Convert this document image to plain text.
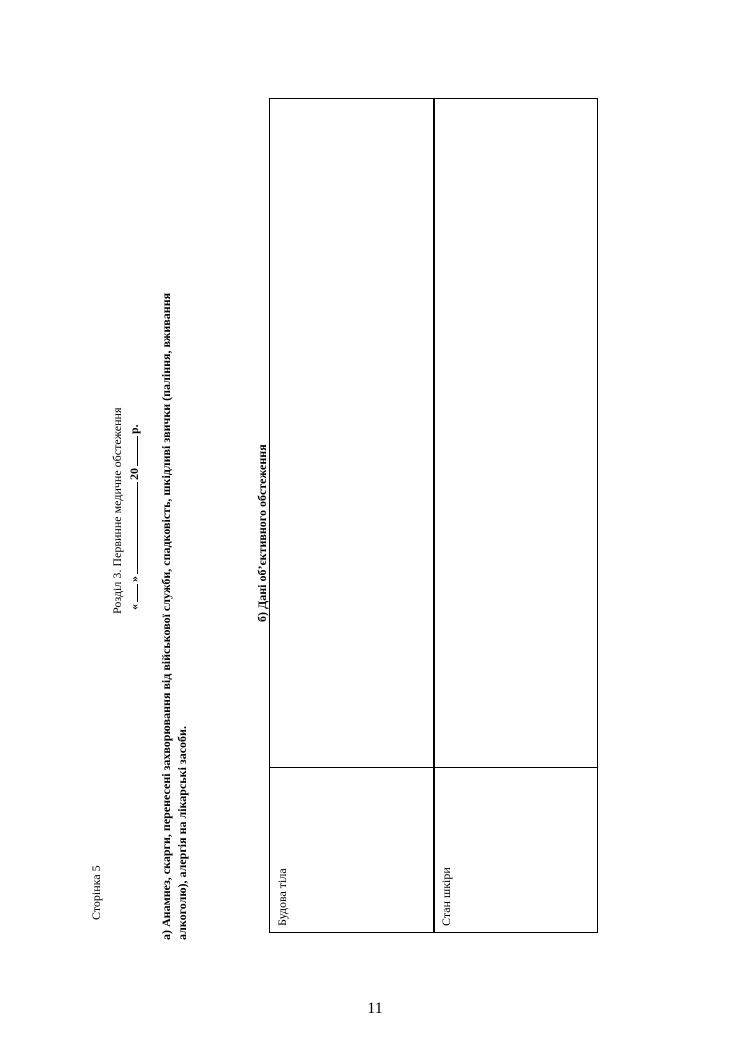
Сторінка 5
Розділ 3. Первинне медичне обстеження «»20р. а) Анамнез, скарги, перенесені захворювання від військової служби, спадковість, шкідливі звички (паління, вживання алкоголю), алергія на лікарські засоби.
б) Дані об’єктивного обстеження
Будова тіла	Стан шкіри
11
